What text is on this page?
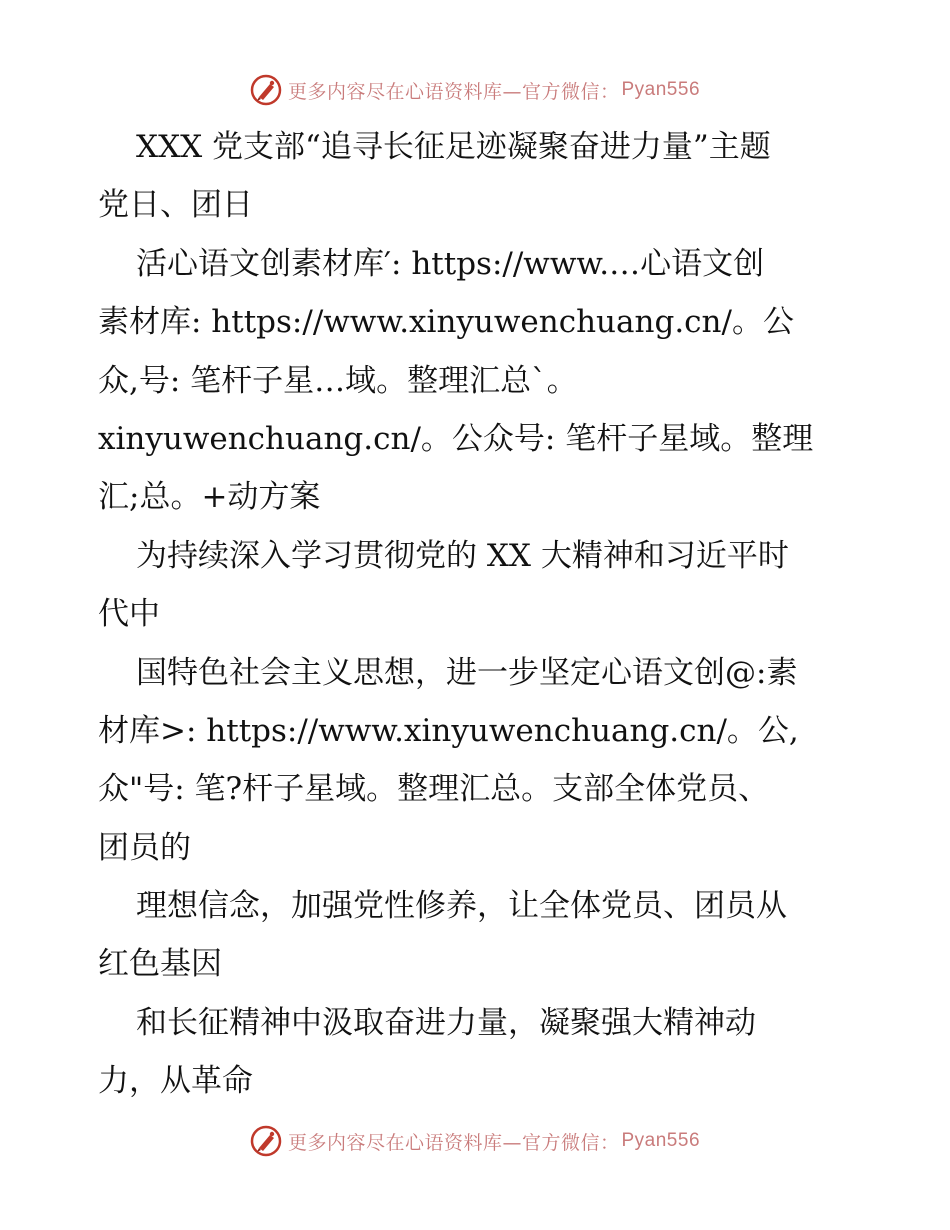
更多内容尽在心语资料库—官方微信： Pyan556
XXX 党支部“追寻长征足迹凝聚奋进力量”主题
党日、团日
活心语文创素材库′: https://www.…心语文创
素材库: https://www.xinyuwenchuang.cn/。公
众,号: 笔杆子星…域。整理汇总ˋ。
xinyuwenchuang.cn/。公众号: 笔杆子星域。整理
汇;总。+动方案
为持续深入学习贯彻党的 XX 大精神和习近平时
代中
国特色社会主义思想，进一步坚定心语文创@:素
材库>: https://www.xinyuwenchuang.cn/。公,
众"号: 笔?杆子星域。整理汇总。支部全体党员、
团员的
理想信念，加强党性修养，让全体党员、团员从
红色基因
和长征精神中汲取奋进力量，凝聚强大精神动
力，从革命
更多内容尽在心语资料库—官方微信： Pyan556
